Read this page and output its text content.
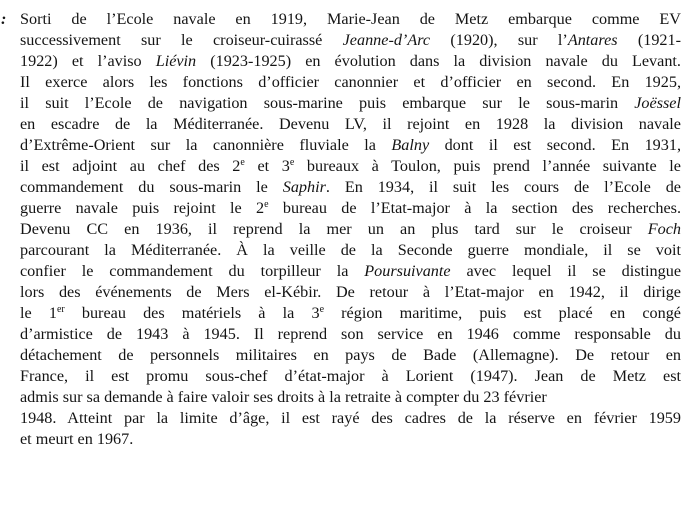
: Sorti de l’Ecole navale en 1919, Marie-Jean de Metz embarque comme EV
successivement sur le croiseur-cuirassé Jeanne-d’Arc (1920), sur l’Antares (1921-
1922) et l’aviso Liévin (1923-1925) en évolution dans la division navale du Levant.
Il exerce alors les fonctions d’officier canonnier et d’officier en second. En 1925,
il suit l’Ecole de navigation sous-marine puis embarque sur le sous-marin Joëssel
en escadre de la Méditerranée. Devenu LV, il rejoint en 1928 la division navale
d’Extrême-Orient sur la canonnière fluviale la Balny dont il est second. En 1931,
il est adjoint au chef des 2e et 3e bureaux à Toulon, puis prend l’année suivante le
commandement du sous-marin le Saphir. En 1934, il suit les cours de l’Ecole de
guerre navale puis rejoint le 2e bureau de l’Etat-major à la section des recherches.
Devenu CC en 1936, il reprend la mer un an plus tard sur le croiseur Foch
parcourant la Méditerranée. À la veille de la Seconde guerre mondiale, il se voit
confier le commandement du torpilleur la Poursuivante avec lequel il se distingue
lors des événements de Mers el-Kébir. De retour à l’Etat-major en 1942, il dirige
le 1er bureau des matériels à la 3e région maritime, puis est placé en congé
d’armistice de 1943 à 1945. Il reprend son service en 1946 comme responsable du
détachement de personnels militaires en pays de Bade (Allemagne). De retour en
France, il est promu sous-chef d’état-major à Lorient (1947). Jean de Metz est
admis sur sa demande à faire valoir ses droits à la retraite à compter du 23 février
1948. Atteint par la limite d’âge, il est rayé des cadres de la réserve en février 1959
et meurt en 1967.
